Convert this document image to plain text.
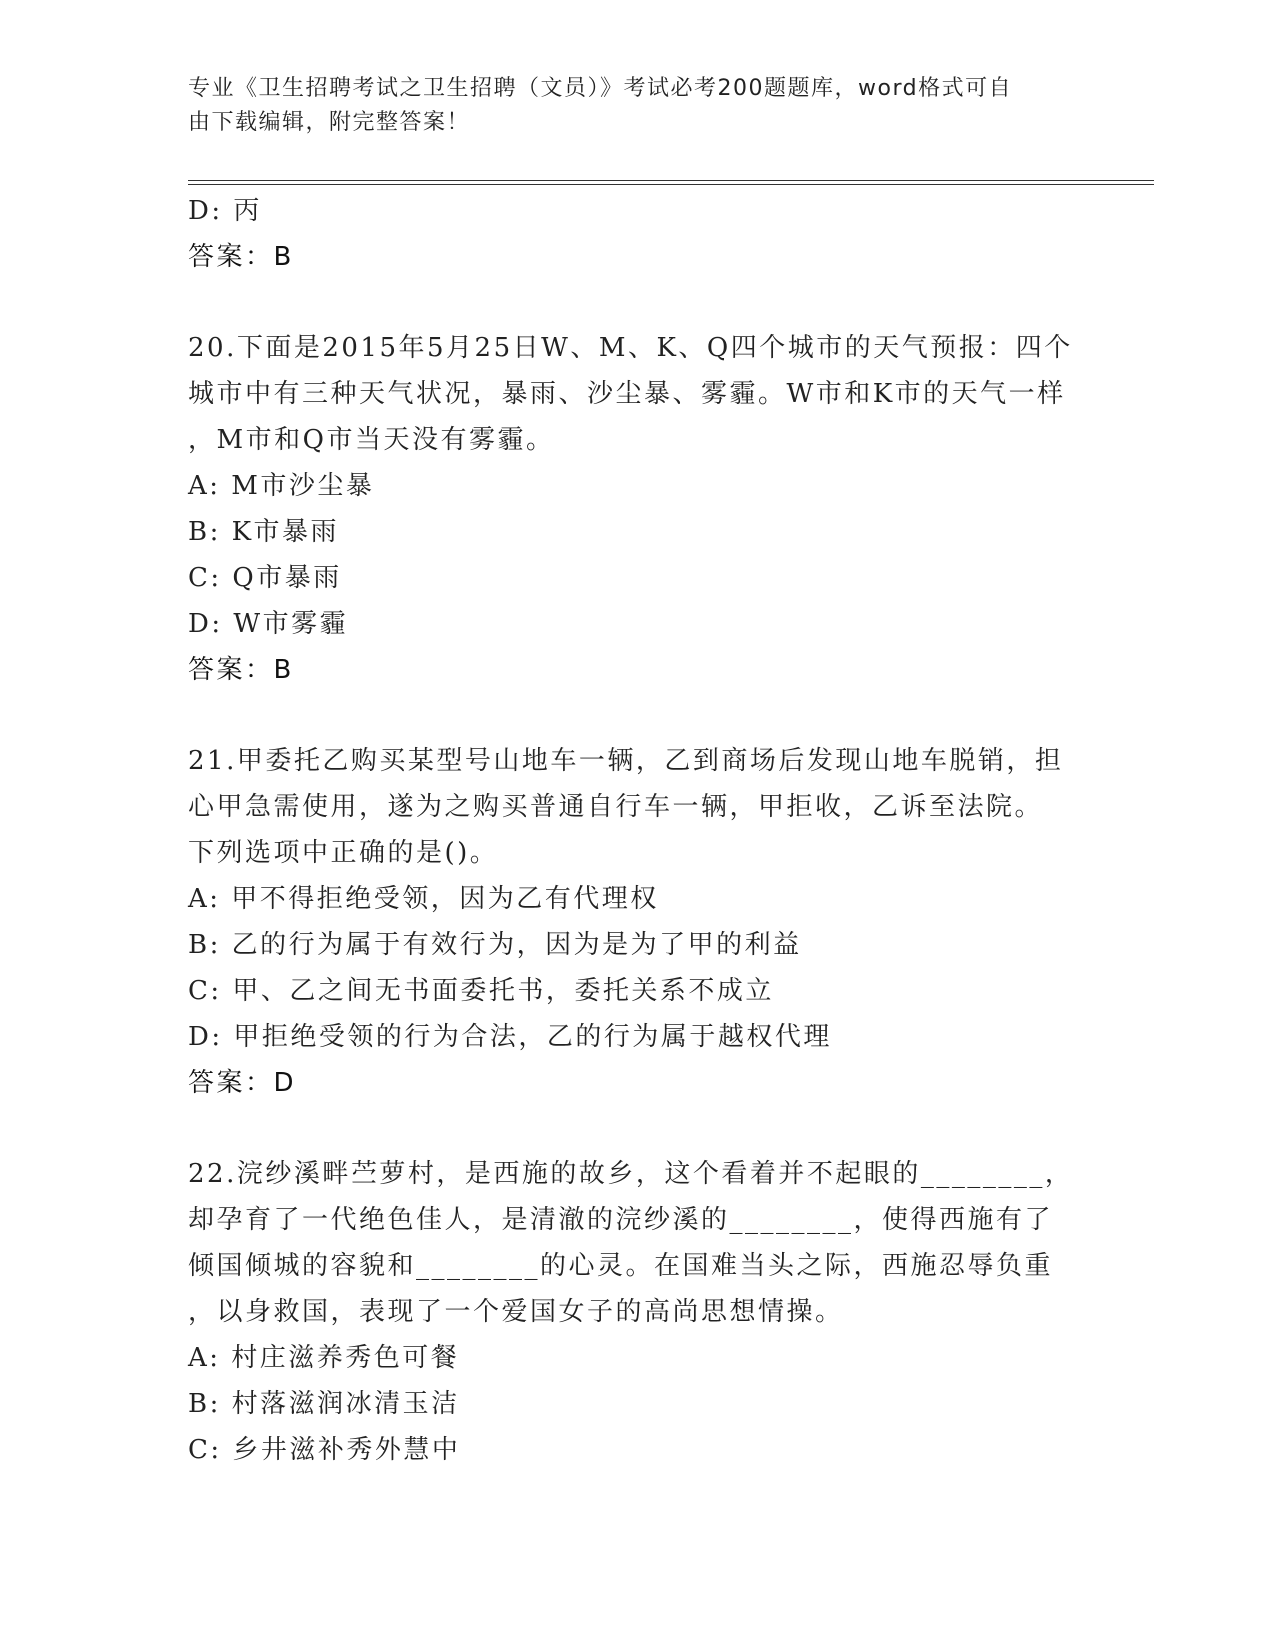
专业《卫生招聘考试之卫生招聘（文员）》考试必考200题题库，word格式可自
由下载编辑，附完整答案！
D: 丙
答案：B
20.下面是2015年5月25日W、M、K、Q四个城市的天气预报：四个
城市中有三种天气状况，暴雨、沙尘暴、雾霾。W市和K市的天气一样
，M市和Q市当天没有雾霾。
A: M市沙尘暴
B: K市暴雨
C: Q市暴雨
D: W市雾霾
答案：B
21.甲委托乙购买某型号山地车一辆，乙到商场后发现山地车脱销，担
心甲急需使用，遂为之购买普通自行车一辆，甲拒收，乙诉至法院。
下列选项中正确的是()。
A: 甲不得拒绝受领，因为乙有代理权
B: 乙的行为属于有效行为，因为是为了甲的利益
C: 甲、乙之间无书面委托书，委托关系不成立
D: 甲拒绝受领的行为合法，乙的行为属于越权代理
答案：D
22.浣纱溪畔苎萝村，是西施的故乡，这个看着并不起眼的________，
却孕育了一代绝色佳人，是清澈的浣纱溪的________，使得西施有了
倾国倾城的容貌和________的心灵。在国难当头之际，西施忍辱负重
，以身救国，表现了一个爱国女子的高尚思想情操。
A: 村庄滋养秀色可餐
B: 村落滋润冰清玉洁
C: 乡井滋补秀外慧中
